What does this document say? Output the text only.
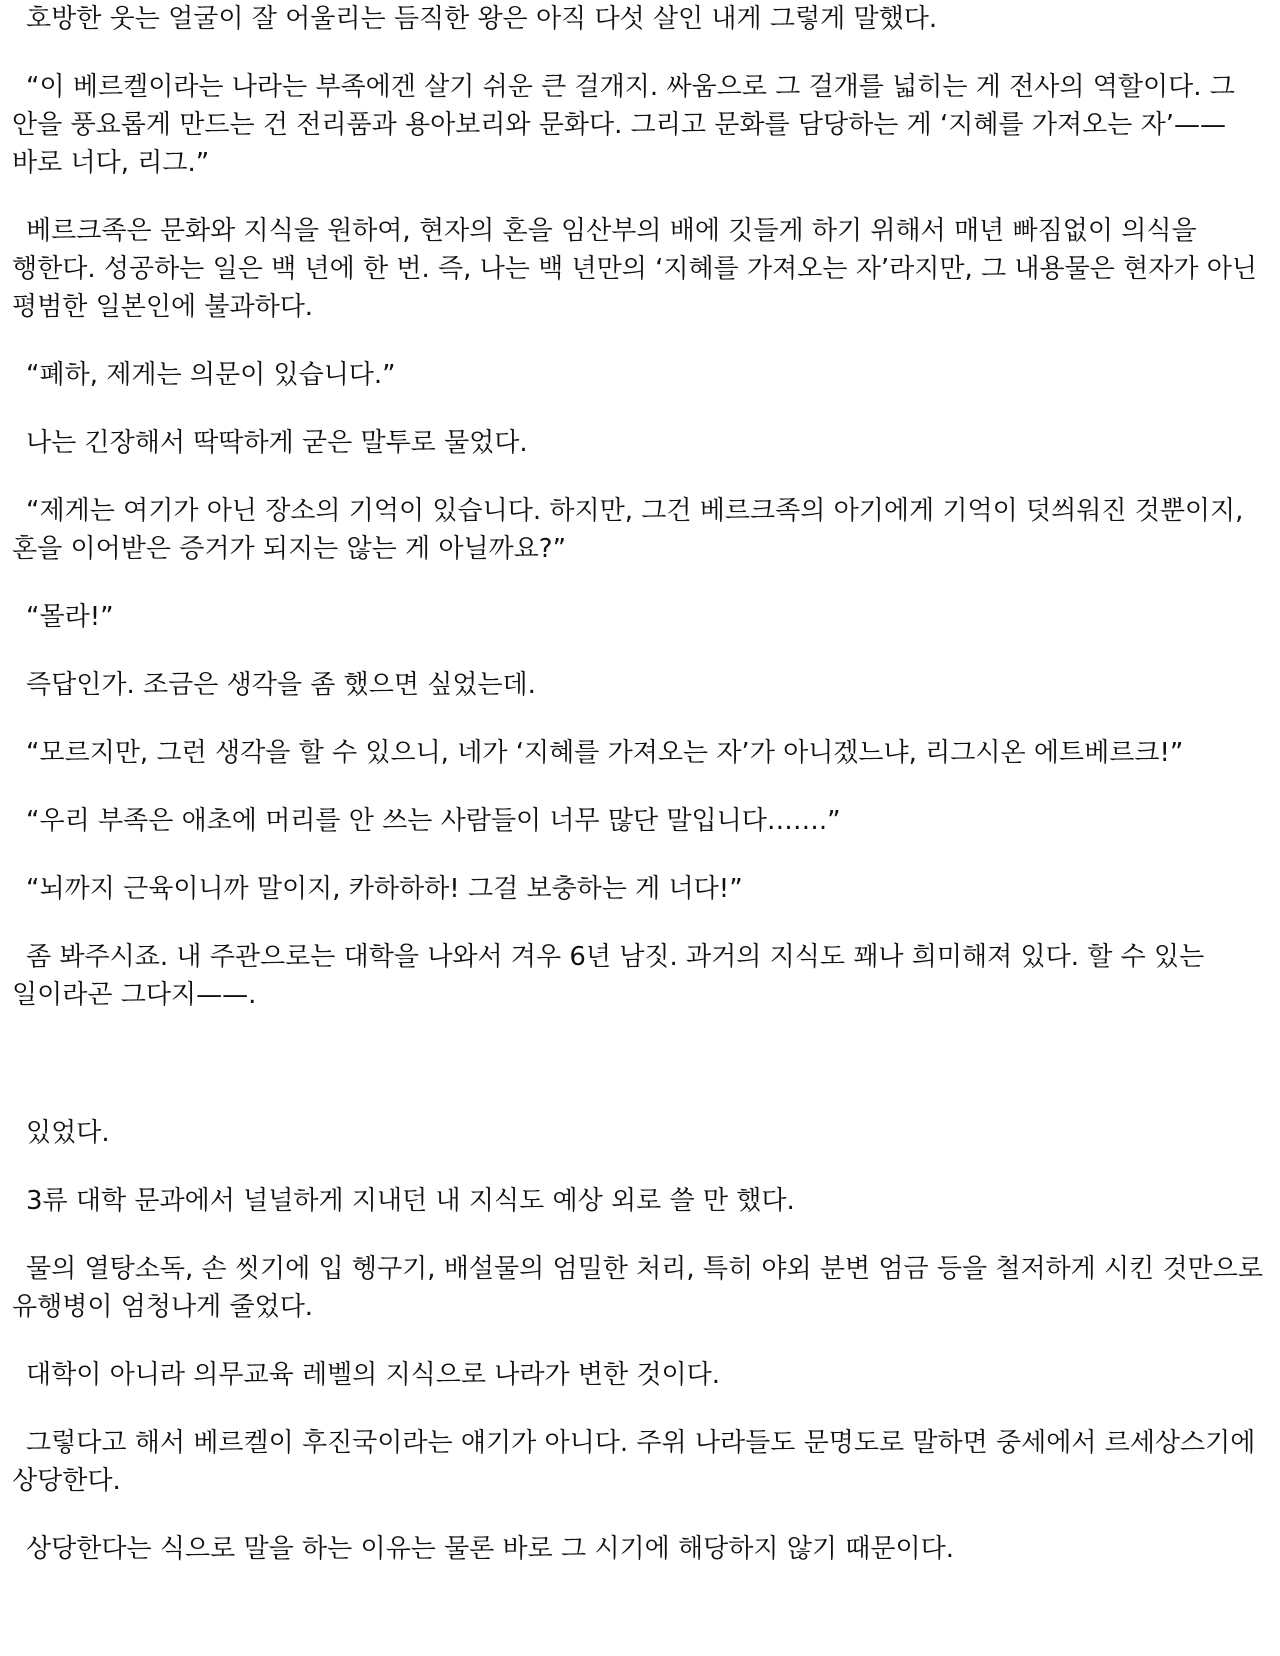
호방한 웃는 얼굴이 잘 어울리는 듬직한 왕은 아직 다섯 살인 내게 그렇게 말했다.

“이 베르켈이라는 나라는 부족에겐 살기 쉬운 큰 걸개지. 싸움으로 그 걸개를 넓히는 게 전사의 역할이다. 그 안을 풍요롭게 만드는 건 전리품과 용아보리와 문화다. 그리고 문화를 담당하는 게 ‘지혜를 가져오는 자’——바로 너다, 리그.”

베르크족은 문화와 지식을 원하여, 현자의 혼을 임산부의 배에 깃들게 하기 위해서 매년 빠짐없이 의식을 행한다. 성공하는 일은 백 년에 한 번. 즉, 나는 백 년만의 ‘지혜를 가져오는 자’라지만, 그 내용물은 현자가 아닌 평범한 일본인에 불과하다.

“폐하, 제게는 의문이 있습니다.”

나는 긴장해서 딱딱하게 굳은 말투로 물었다.

“제게는 여기가 아닌 장소의 기억이 있습니다. 하지만, 그건 베르크족의 아기에게 기억이 덧씌워진 것뿐이지, 혼을 이어받은 증거가 되지는 않는 게 아닐까요?”

“몰라!”

즉답인가. 조금은 생각을 좀 했으면 싶었는데.

“모르지만, 그런 생각을 할 수 있으니, 네가 ‘지혜를 가져오는 자’가 아니겠느냐, 리그시온 에트베르크!”

“우리 부족은 애초에 머리를 안 쓰는 사람들이 너무 많단 말입니다…….”

“뇌까지 근육이니까 말이지, 카하하하! 그걸 보충하는 게 너다!”

좀 봐주시죠. 내 주관으로는 대학을 나와서 겨우 6년 남짓. 과거의 지식도 꽤나 희미해져 있다. 할 수 있는 일이라곤 그다지——.

있었다.

3류 대학 문과에서 널널하게 지내던 내 지식도 예상 외로 쓸 만 했다.

물의 열탕소독, 손 씻기에 입 헹구기, 배설물의 엄밀한 처리, 특히 야외 분변 엄금 등을 철저하게 시킨 것만으로 유행병이 엄청나게 줄었다.

대학이 아니라 의무교육 레벨의 지식으로 나라가 변한 것이다.

그렇다고 해서 베르켈이 후진국이라는 얘기가 아니다. 주위 나라들도 문명도로 말하면 중세에서 르세상스기에 상당한다.

상당한다는 식으로 말을 하는 이유는 물론 바로 그 시기에 해당하지 않기 때문이다.
